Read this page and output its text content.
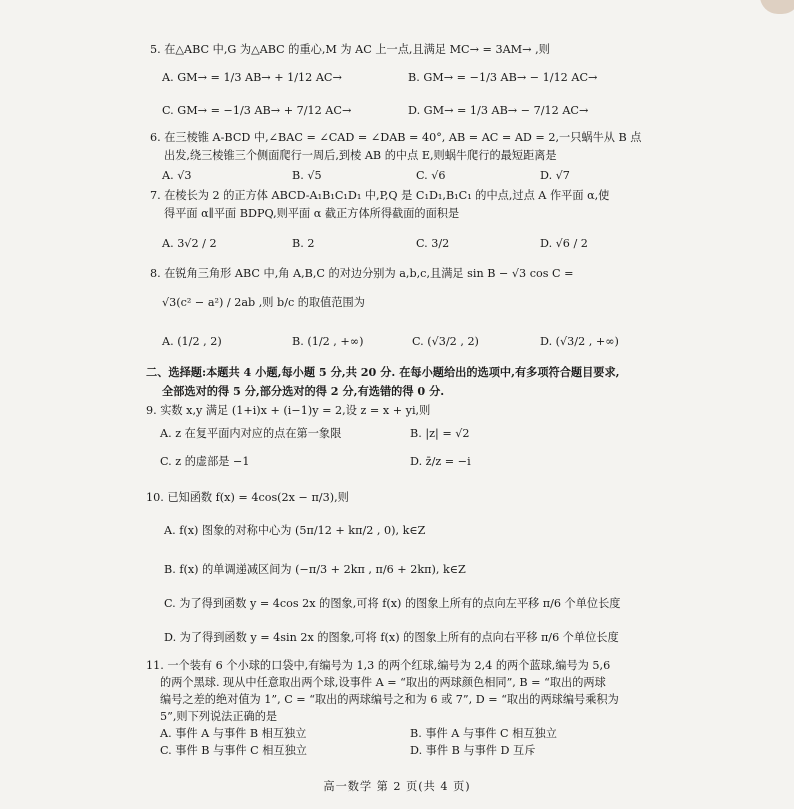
5. 在△ABC 中,G 为△ABC 的重心,M 为 AC 上一点,且满足 MC→ = 3AM→ ,则
A. GM→ = 1/3 AB→ + 1/12 AC→	B. GM→ = −1/3 AB→ − 1/12 AC→
C. GM→ = −1/3 AB→ + 7/12 AC→	D. GM→ = 1/3 AB→ − 7/12 AC→
6. 在三棱锥 A-BCD 中,∠BAC = ∠CAD = ∠DAB = 40°, AB = AC = AD = 2,一只蜗牛从 B 点
出发,绕三棱锥三个侧面爬行一周后,到棱 AB 的中点 E,则蜗牛爬行的最短距离是
A. √3	B. √5	C. √6	D. √7
7. 在棱长为 2 的正方体 ABCD-A₁B₁C₁D₁ 中,P,Q 是 C₁D₁,B₁C₁ 的中点,过点 A 作平面 α,使
得平面 α∥平面 BDPQ,则平面 α 截正方体所得截面的面积是
A. 3√2 / 2	B. 2	C. 3/2	D. √6 / 2
8. 在锐角三角形 ABC 中,角 A,B,C 的对边分别为 a,b,c,且满足 sin B − √3 cos C =
√3(c² − a²) / 2ab ,则 b/c 的取值范围为
A. (1/2 , 2)	B. (1/2 , +∞)	C. (√3/2 , 2)	D. (√3/2 , +∞)
二、选择题:本题共 4 小题,每小题 5 分,共 20 分. 在每小题给出的选项中,有多项符合题目要求,
全部选对的得 5 分,部分选对的得 2 分,有选错的得 0 分.
9. 实数 x,y 满足 (1+i)x + (i−1)y = 2,设 z = x + yi,则
A. z 在复平面内对应的点在第一象限	B. |z| = √2
C. z 的虚部是 −1	D. z̄/z = −i
10. 已知函数 f(x) = 4cos(2x − π/3),则
A. f(x) 图象的对称中心为 (5π/12 + kπ/2 , 0), k∈Z
B. f(x) 的单调递减区间为 (−π/3 + 2kπ , π/6 + 2kπ), k∈Z
C. 为了得到函数 y = 4cos 2x 的图象,可将 f(x) 的图象上所有的点向左平移 π/6 个单位长度
D. 为了得到函数 y = 4sin 2x 的图象,可将 f(x) 的图象上所有的点向右平移 π/6 个单位长度
11. 一个装有 6 个小球的口袋中,有编号为 1,3 的两个红球,编号为 2,4 的两个蓝球,编号为 5,6
的两个黑球. 现从中任意取出两个球,设事件 A = “取出的两球颜色相同”, B = “取出的两球
编号之差的绝对值为 1”, C = “取出的两球编号之和为 6 或 7”, D = “取出的两球编号乘积为
5”,则下列说法正确的是
A. 事件 A 与事件 B 相互独立	B. 事件 A 与事件 C 相互独立
C. 事件 B 与事件 C 相互独立	D. 事件 B 与事件 D 互斥
高一数学 第 2 页(共 4 页)
